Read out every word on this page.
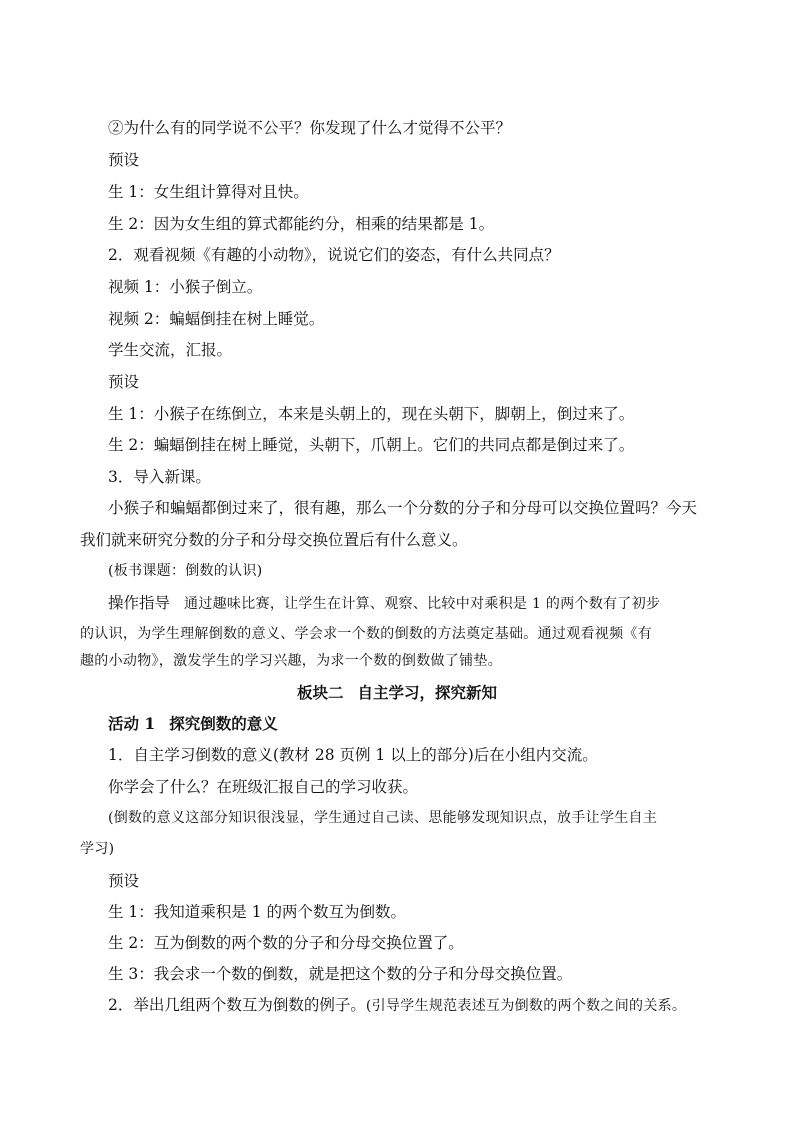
②为什么有的同学说不公平？你发现了什么才觉得不公平？
预设
生 1：女生组计算得对且快。
生 2：因为女生组的算式都能约分，相乘的结果都是 1。
2．观看视频《有趣的小动物》，说说它们的姿态，有什么共同点？
视频 1：小猴子倒立。
视频 2：蝙蝠倒挂在树上睡觉。
学生交流，汇报。
预设
生 1：小猴子在练倒立，本来是头朝上的，现在头朝下，脚朝上，倒过来了。
生 2：蝙蝠倒挂在树上睡觉，头朝下，爪朝上。它们的共同点都是倒过来了。
3．导入新课。
小猴子和蝙蝠都倒过来了，很有趣，那么一个分数的分子和分母可以交换位置吗？今天
我们就来研究分数的分子和分母交换位置后有什么意义。
(板书课题：倒数的认识)
操作指导 通过趣味比赛，让学生在计算、观察、比较中对乘积是 1 的两个数有了初步
的认识，为学生理解倒数的意义、学会求一个数的倒数的方法奠定基础。通过观看视频《有
趣的小动物》，激发学生的学习兴趣，为求一个数的倒数做了铺垫。
板块二 自主学习，探究新知
活动 1 探究倒数的意义
1．自主学习倒数的意义(教材 28 页例 1 以上的部分)后在小组内交流。
你学会了什么？在班级汇报自己的学习收获。
(倒数的意义这部分知识很浅显，学生通过自己读、思能够发现知识点，放手让学生自主
学习)
预设
生 1：我知道乘积是 1 的两个数互为倒数。
生 2：互为倒数的两个数的分子和分母交换位置了。
生 3：我会求一个数的倒数，就是把这个数的分子和分母交换位置。
2．举出几组两个数互为倒数的例子。(引导学生规范表述互为倒数的两个数之间的关系。
